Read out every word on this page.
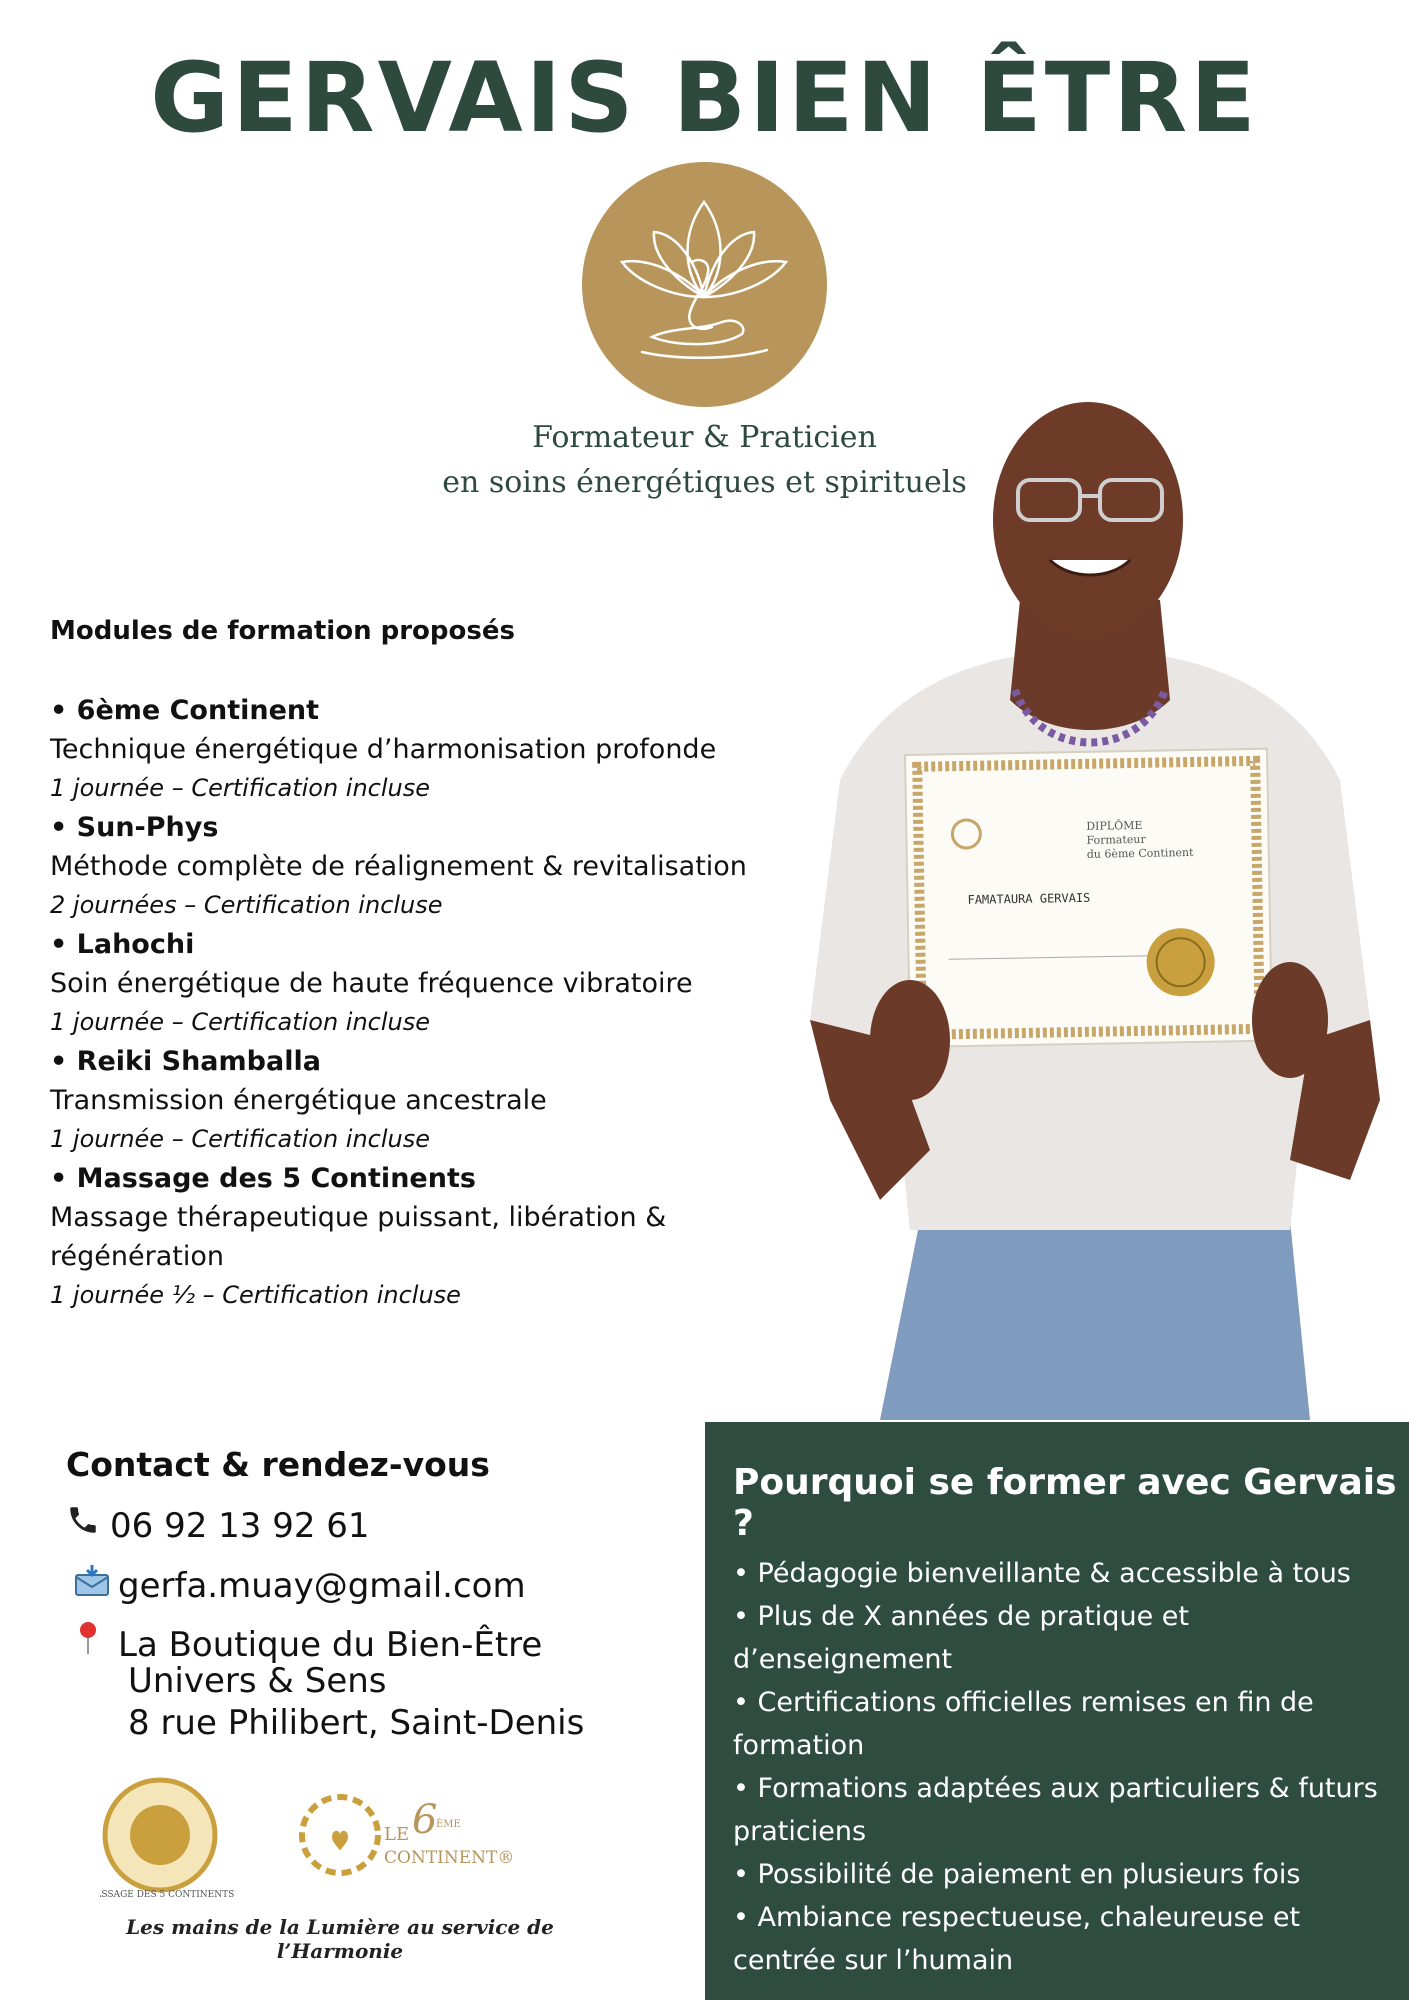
GERVAIS BIEN ÊTRE
Formateur & Praticien
en soins énergétiques et spirituels
Modules de formation proposés
• 6ème Continent
Technique énergétique d’harmonisation profonde
1 journée – Certification incluse
• Sun-Phys
Méthode complète de réalignement & revitalisation
2 journées – Certification incluse
• Lahochi
Soin énergétique de haute fréquence vibratoire
1 journée – Certification incluse
• Reiki Shamballa
Transmission énergétique ancestrale
1 journée – Certification incluse
• Massage des 5 Continents
Massage thérapeutique puissant, libération & régénération
1 journée ½ – Certification incluse
DIPLÔME
Formateur
du 6ème Continent
FAMATAURA GERVAIS
Contact & rendez-vous
06 92 13 92 61
gerfa.muay@gmail.com
La Boutique du Bien-Être
Univers & Sens
8 rue Philibert, Saint-Denis
MASSAGE DES 5 CONTINENTS
LE 6
ÈME
CONTINENT®
Les mains de la Lumière au service de l’Harmonie
Pourquoi se former avec Gervais ?
• Pédagogie bienveillante & accessible à tous
• Plus de X années de pratique et d’enseignement
• Certifications officielles remises en fin de formation
• Formations adaptées aux particuliers & futurs praticiens
• Possibilité de paiement en plusieurs fois
• Ambiance respectueuse, chaleureuse et centrée sur l’humain
